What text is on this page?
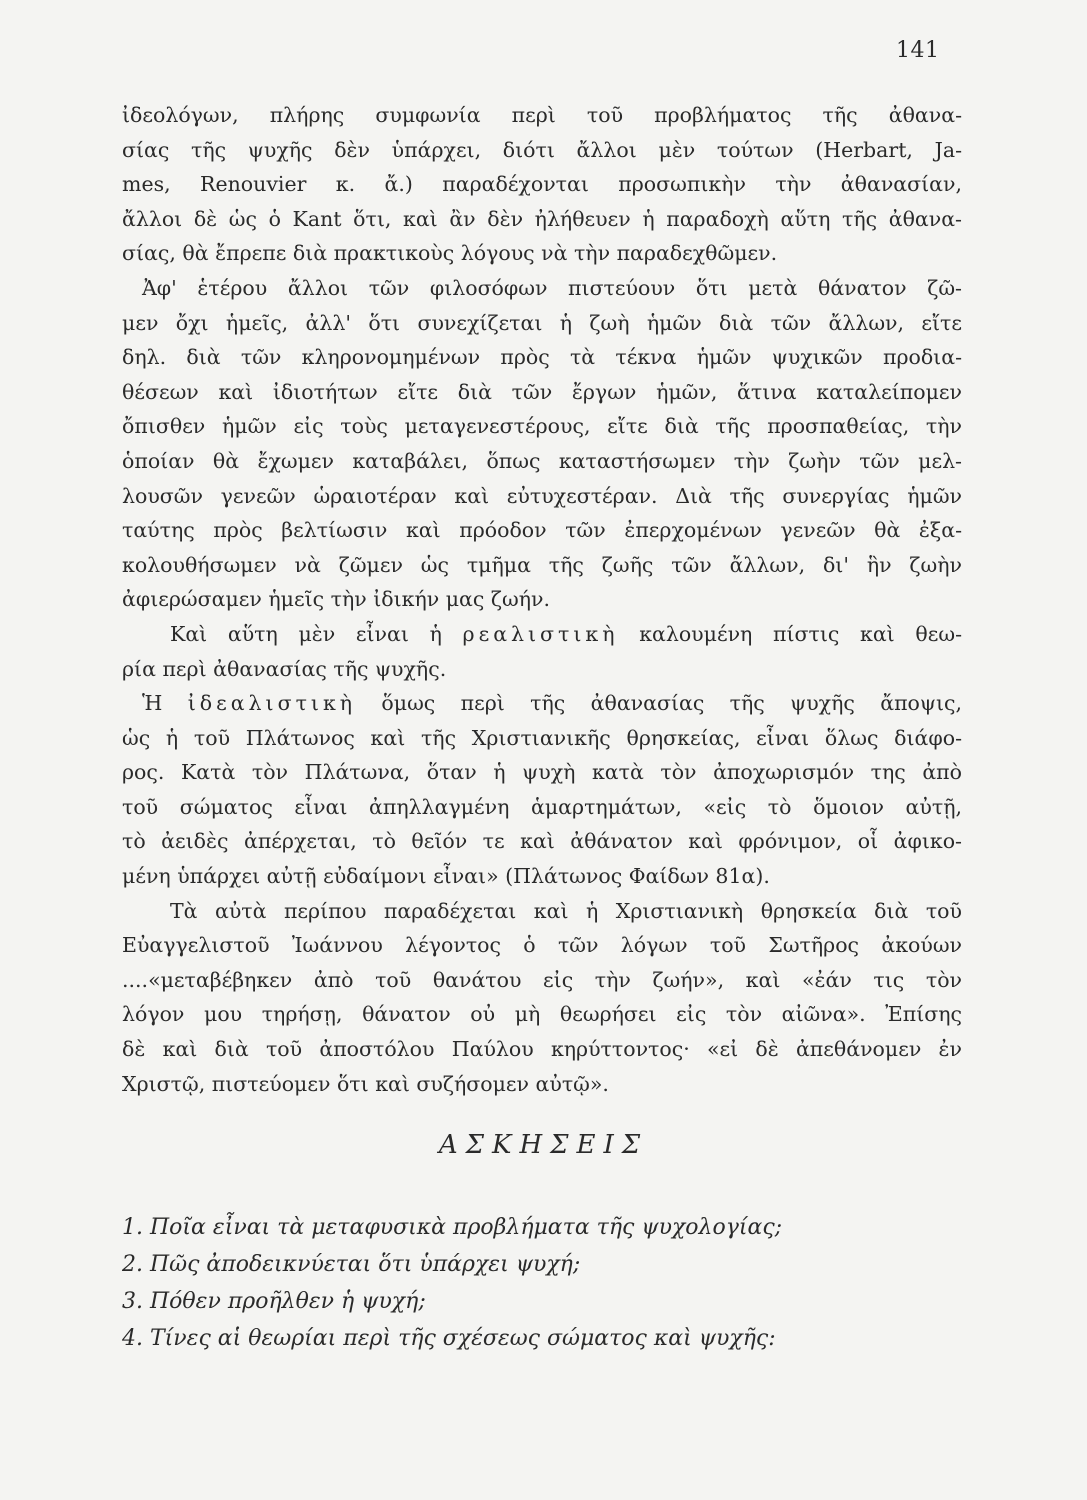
141

ἰδεολόγων, πλήρης συμφωνία περὶ τοῦ προβλήματος τῆς ἀθανα-
σίας τῆς ψυχῆς δὲν ὑπάρχει, διότι ἄλλοι μὲν τούτων (Herbart, Ja-
mes, Renouvier κ. ἄ.) παραδέχονται προσωπικὴν τὴν ἀθανασίαν,
ἄλλοι δὲ ὡς ὁ Kant ὅτι, καὶ ἂν δὲν ἠλήθευεν ἡ παραδοχὴ αὕτη τῆς ἀθανα-
σίας, θὰ ἔπρεπε διὰ πρακτικοὺς λόγους νὰ τὴν παραδεχθῶμεν.

Ἀφ' ἑτέρου ἄλλοι τῶν φιλοσόφων πιστεύουν ὅτι μετὰ θάνατον ζῶ-
μεν ὄχι ἡμεῖς, ἀλλ' ὅτι συνεχίζεται ἡ ζωὴ ἡμῶν διὰ τῶν ἄλλων, εἴτε
δηλ. διὰ τῶν κληρονομημένων πρὸς τὰ τέκνα ἡμῶν ψυχικῶν προδια-
θέσεων καὶ ἰδιοτήτων εἴτε διὰ τῶν ἔργων ἡμῶν, ἅτινα καταλείπομεν
ὄπισθεν ἡμῶν εἰς τοὺς μεταγενεστέρους, εἴτε διὰ τῆς προσπαθείας, τὴν
ὁποίαν θὰ ἔχωμεν καταβάλει, ὅπως καταστήσωμεν τὴν ζωὴν τῶν μελ-
λουσῶν γενεῶν ὡραιοτέραν καὶ εὐτυχεστέραν. Διὰ τῆς συνεργίας ἡμῶν
ταύτης πρὸς βελτίωσιν καὶ πρόοδον τῶν ἐπερχομένων γενεῶν θὰ ἐξα-
κολουθήσωμεν νὰ ζῶμεν ὡς τμῆμα τῆς ζωῆς τῶν ἄλλων, δι' ἣν ζωὴν
ἀφιερώσαμεν ἡμεῖς τὴν ἰδικήν μας ζωήν.

Καὶ αὕτη μὲν εἶναι ἡ ρεαλιστικὴ καλουμένη πίστις καὶ θεω-
ρία περὶ ἀθανασίας τῆς ψυχῆς.

Ἡ ἰδεαλιστικὴ ὅμως περὶ τῆς ἀθανασίας τῆς ψυχῆς ἄποψις,
ὡς ἡ τοῦ Πλάτωνος καὶ τῆς Χριστιανικῆς θρησκείας, εἶναι ὅλως διάφο-
ρος. Κατὰ τὸν Πλάτωνα, ὅταν ἡ ψυχὴ κατὰ τὸν ἀποχωρισμόν της ἀπὸ
τοῦ σώματος εἶναι ἀπηλλαγμένη ἁμαρτημάτων, «εἰς τὸ ὅμοιον αὐτῇ,
τὸ ἀειδὲς ἀπέρχεται, τὸ θεῖόν τε καὶ ἀθάνατον καὶ φρόνιμον, οἷ ἀφικο-
μένη ὑπάρχει αὐτῇ εὐδαίμονι εἶναι» (Πλάτωνος Φαίδων 81α).

Τὰ αὐτὰ περίπου παραδέχεται καὶ ἡ Χριστιανικὴ θρησκεία διὰ τοῦ
Εὐαγγελιστοῦ Ἰωάννου λέγοντος ὁ τῶν λόγων τοῦ Σωτῆρος ἀκούων
....«μεταβέβηκεν ἀπὸ τοῦ θανάτου εἰς τὴν ζωήν», καὶ «ἐάν τις τὸν
λόγον μου τηρήσῃ, θάνατον οὐ μὴ θεωρήσει εἰς τὸν αἰῶνα». Ἐπίσης
δὲ καὶ διὰ τοῦ ἀποστόλου Παύλου κηρύττοντος· «εἰ δὲ ἀπεθάνομεν ἐν
Χριστῷ, πιστεύομεν ὅτι καὶ συζήσομεν αὐτῷ».

ΑΣΚΗΣΕΙΣ
1. Ποῖα εἶναι τὰ μεταφυσικὰ προβλήματα τῆς ψυχολογίας;
2. Πῶς ἀποδεικνύεται ὅτι ὑπάρχει ψυχή;
3. Πόθεν προῆλθεν ἡ ψυχή;
4. Τίνες αἱ θεωρίαι περὶ τῆς σχέσεως σώματος καὶ ψυχῆς:
